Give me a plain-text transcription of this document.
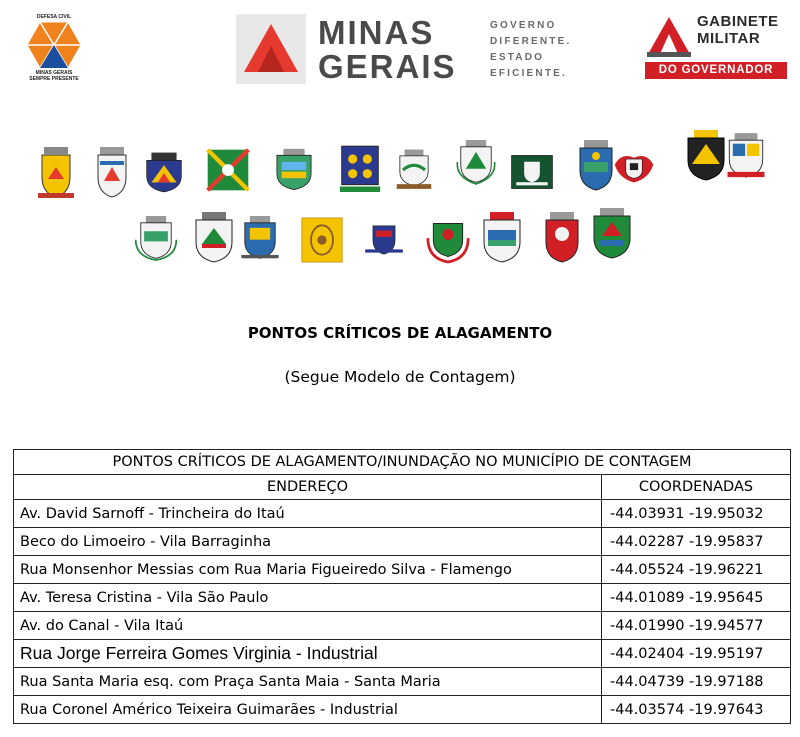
DEFESA CIVIL
MINAS GERAIS
SEMPRE PRESENTE
MINAS
GERAIS
GOVERNO
DIFERENTE.
ESTADO
EFICIENTE.
GABINETE
MILITAR
DO GOVERNADOR
PONTOS CRÍTICOS DE ALAGAMENTO
(Segue Modelo de Contagem)
PONTOS CRÍTICOS DE ALAGAMENTO/INUNDAÇÃO NO MUNICÍPIO DE CONTAGEM	
ENDEREÇO	COORDENADAS
Av. David Sarnoff - Trincheira do Itaú	-44.03931 -19.95032
Beco do Limoeiro - Vila Barraginha	-44.02287 -19.95837
Rua Monsenhor Messias com Rua Maria Figueiredo Silva - Flamengo	-44.05524 -19.96221
Av. Teresa Cristina - Vila São Paulo	-44.01089 -19.95645
Av. do Canal - Vila Itaú	-44.01990 -19.94577
Rua Jorge Ferreira Gomes Virginia - Industrial	-44.02404 -19.95197
Rua Santa Maria esq. com Praça Santa Maia - Santa Maria	-44.04739 -19.97188
Rua Coronel Américo Teixeira Guimarães - Industrial	-44.03574 -19.97643
